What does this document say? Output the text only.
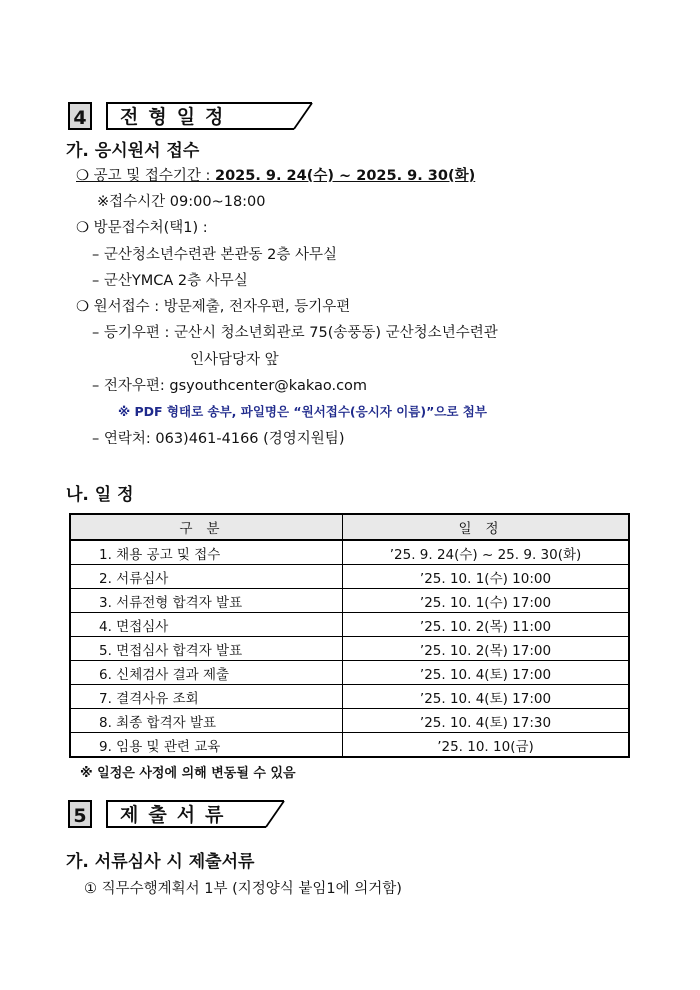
4	전형일정
가. 응시원서 접수
❍ 공고 및 접수기간 : 2025. 9. 24(수) ~ 2025. 9. 30(화)
※접수시간 09:00~18:00
❍ 방문접수처(택1) :
– 군산청소년수련관 본관동 2층 사무실
– 군산YMCA 2층 사무실
❍ 원서접수 : 방문제출, 전자우편, 등기우편
– 등기우편 : 군산시 청소년회관로 75(송풍동) 군산청소년수련관
인사담당자 앞
– 전자우편: gsyouthcenter@kakao.com
※ PDF 형태로 송부, 파일명은 “원서접수(응시자 이름)”으로 첨부
– 연락처: 063)461-4166 (경영지원팀)
나. 일 정
구분	일정
1. 채용 공고 및 접수	’25. 9. 24(수) ~ 25. 9. 30(화)
2. 서류심사	’25. 10. 1(수) 10:00
3. 서류전형 합격자 발표	’25. 10. 1(수) 17:00
4. 면접심사	’25. 10. 2(목) 11:00
5. 면접심사 합격자 발표	’25. 10. 2(목) 17:00
6. 신체검사 결과 제출	’25. 10. 4(토) 17:00
7. 결격사유 조회	’25. 10. 4(토) 17:00
8. 최종 합격자 발표	’25. 10. 4(토) 17:30
9. 임용 및 관련 교육	’25. 10. 10(금)
※ 일정은 사정에 의해 변동될 수 있음
5	제출서류
가. 서류심사 시 제출서류
① 직무수행계획서 1부 (지정양식 붙임1에 의거함)
